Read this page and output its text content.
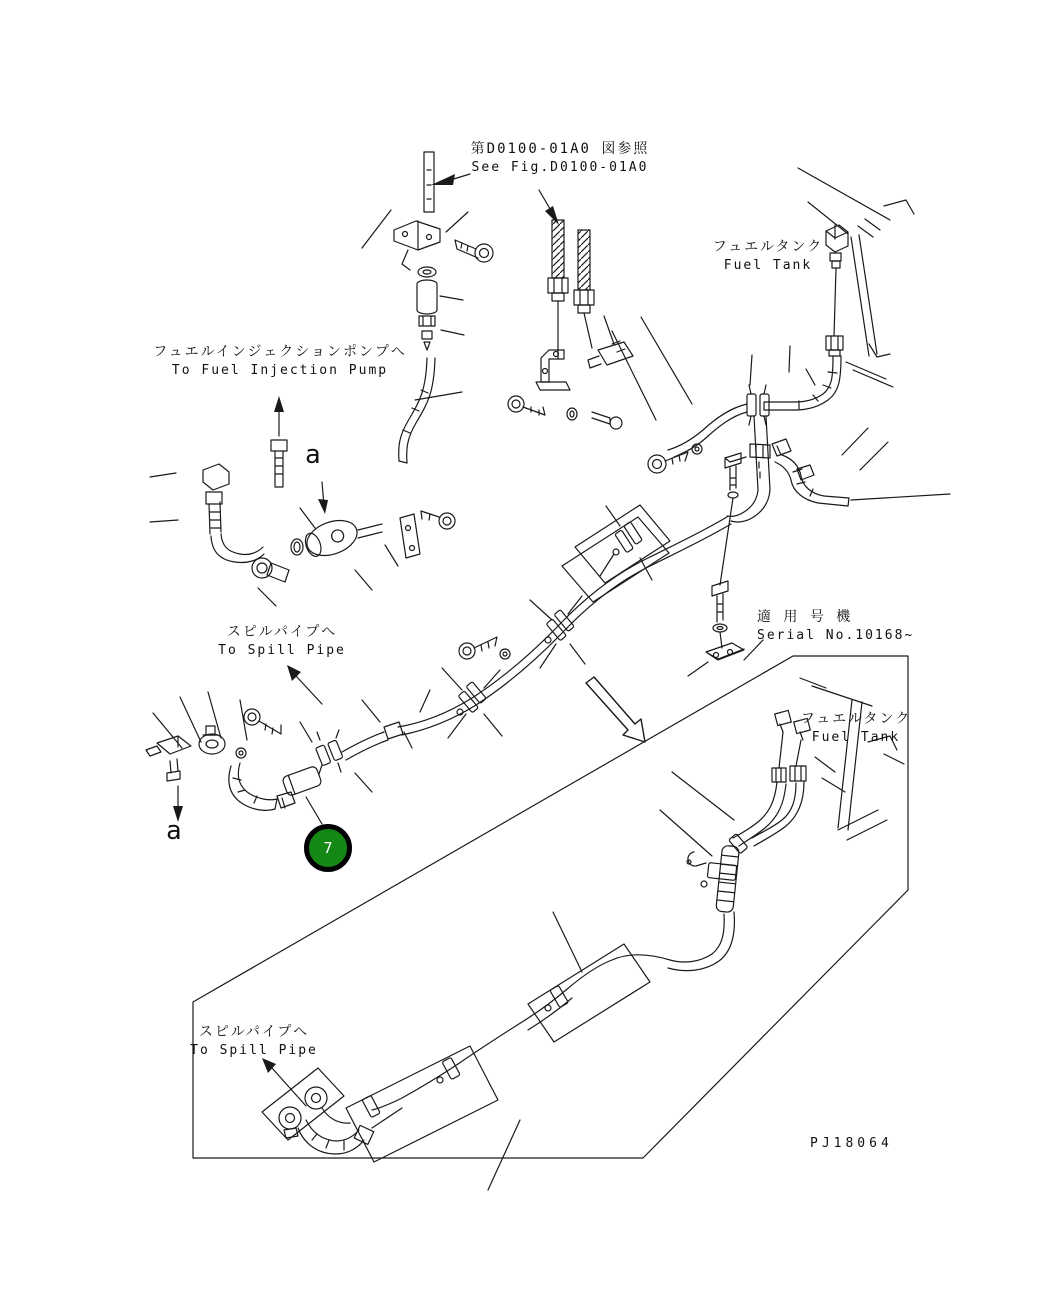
第D0100-01A0 図参照
See Fig.D0100-01A0
フュエルタンク
Fuel Tank
フュエルインジェクションポンプへ
To Fuel Injection Pump
スピルパイプへ
To Spill Pipe
適 用 号 機
Serial No.10168~
フュエルタンク
Fuel Tank
スピルパイプへ
To Spill Pipe
a
a
PJ18064
7
